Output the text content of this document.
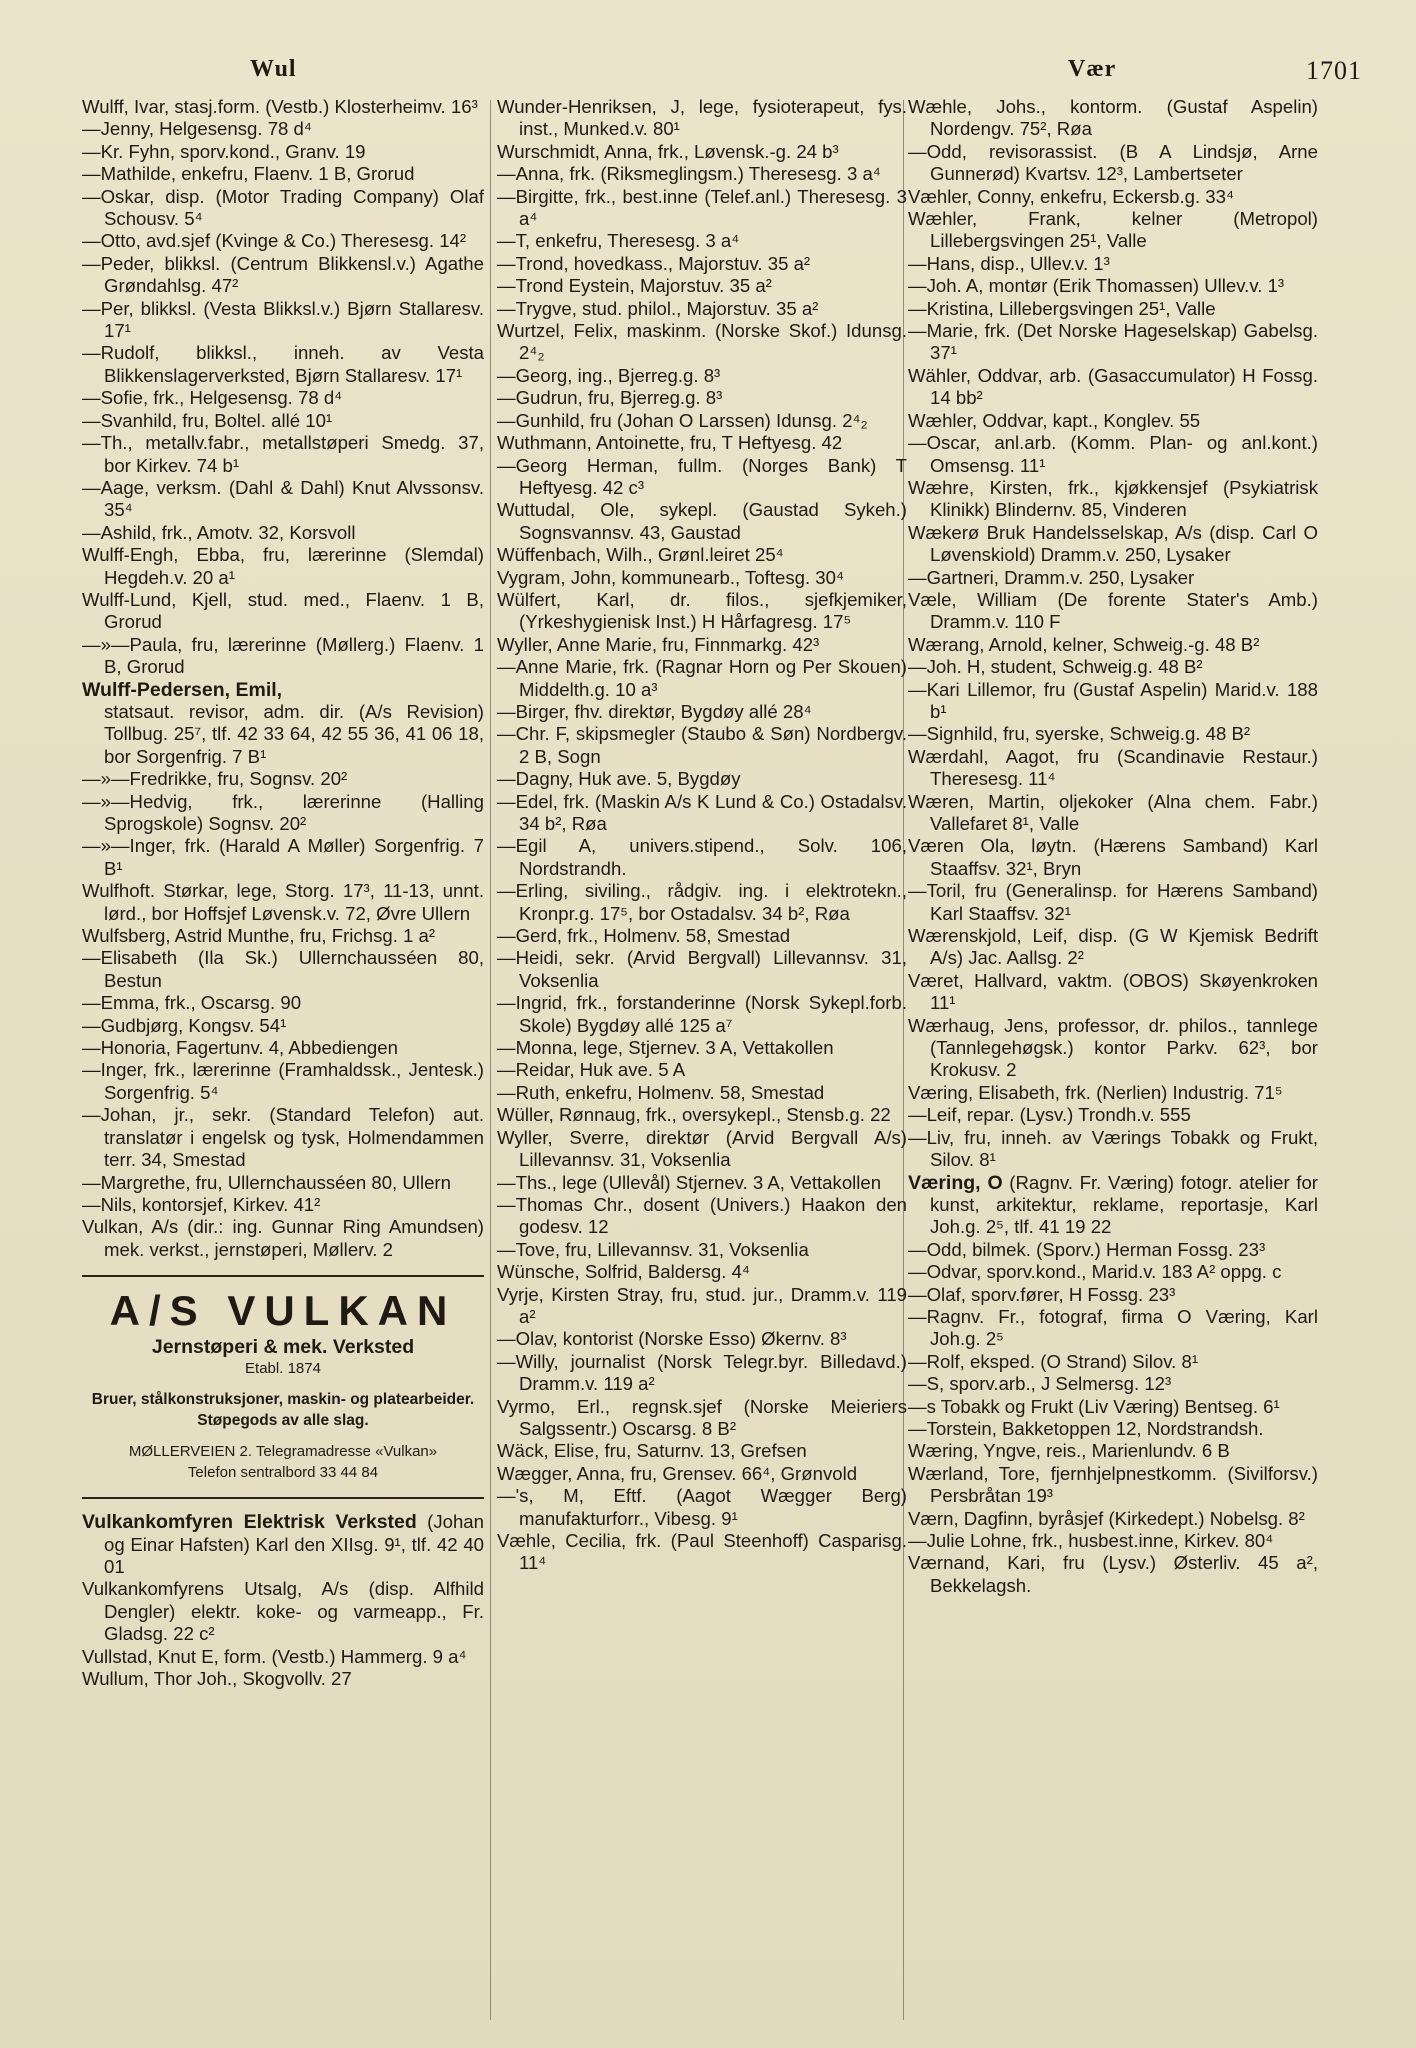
Wul	Vær	1701

Wulff, Ivar, stasj.form. (Vestb.) Klosterheimv. 16³

—Jenny, Helgesensg. 78 d⁴

—Kr. Fyhn, sporv.kond., Granv. 19

—Mathilde, enkefru, Flaenv. 1 B, Grorud

—Oskar, disp. (Motor Trading Company) Olaf Schousv. 5⁴

—Otto, avd.sjef (Kvinge & Co.) Theresesg. 14²

—Peder, blikksl. (Centrum Blikkensl.v.) Agathe Grøndahlsg. 47²

—Per, blikksl. (Vesta Blikksl.v.) Bjørn Stallaresv. 17¹

—Rudolf, blikksl., inneh. av Vesta Blikkenslagerverksted, Bjørn Stallaresv. 17¹

—Sofie, frk., Helgesensg. 78 d⁴

—Svanhild, fru, Boltel. allé 10¹

—Th., metallv.fabr., metallstøperi Smedg. 37, bor Kirkev. 74 b¹

—Aage, verksm. (Dahl & Dahl) Knut Alvssonsv. 35⁴

—Ashild, frk., Amotv. 32, Korsvoll

Wulff-Engh, Ebba, fru, lærerinne (Slemdal) Hegdeh.v. 20 a¹

Wulff-Lund, Kjell, stud. med., Flaenv. 1 B, Grorud

—»—Paula, fru, lærerinne (Møllerg.) Flaenv. 1 B, Grorud

Wulff-Pedersen, Emil,
statsaut. revisor, adm. dir. (A/s Revision) Tollbug. 25⁷, tlf. 42 33 64, 42 55 36, 41 06 18, bor Sorgenfrig. 7 B¹

—»—Fredrikke, fru, Sognsv. 20²

—»—Hedvig, frk., lærerinne (Halling Sprogskole) Sognsv. 20²

—»—Inger, frk. (Harald A Møller) Sorgenfrig. 7 B¹

Wulfhoft. Størkar, lege, Storg. 17³, 11-13, unnt. lørd., bor Hoffsjef Løvensk.v. 72, Øvre Ullern

Wulfsberg, Astrid Munthe, fru, Frichsg. 1 a²

—Elisabeth (Ila Sk.) Ullernchausséen 80, Bestun

—Emma, frk., Oscarsg. 90

—Gudbjørg, Kongsv. 54¹

—Honoria, Fagertunv. 4, Abbediengen

—Inger, frk., lærerinne (Framhaldssk., Jentesk.) Sorgenfrig. 5⁴

—Johan, jr., sekr. (Standard Telefon) aut. translatør i engelsk og tysk, Holmendammen terr. 34, Smestad

—Margrethe, fru, Ullernchausséen 80, Ullern

—Nils, kontorsjef, Kirkev. 41²

Vulkan, A/s (dir.: ing. Gunnar Ring Amundsen) mek. verkst., jernstøperi, Møllerv. 2

A/S VULKAN
Jernstøperi & mek. Verksted
Etabl. 1874
Bruer, stålkonstruksjoner, maskin- og platearbeider. Støpegods av alle slag.
MØLLERVEIEN 2. Telegramadresse «Vulkan»
Telefon sentralbord 33 44 84

Vulkankomfyren Elektrisk Verksted (Johan og Einar Hafsten) Karl den XIIsg. 9¹, tlf. 42 40 01

Vulkankomfyrens Utsalg, A/s (disp. Alfhild Dengler) elektr. koke- og varmeapp., Fr. Gladsg. 22 c²

Vullstad, Knut E, form. (Vestb.) Hammerg. 9 a⁴

Wullum, Thor Joh., Skogvollv. 27

Wunder-Henriksen, J, lege, fysioterapeut, fys. inst., Munked.v. 80¹

Wurschmidt, Anna, frk., Løvensk.-g. 24 b³

—Anna, frk. (Riksmeglingsm.) Theresesg. 3 a⁴

—Birgitte, frk., best.inne (Telef.anl.) Theresesg. 3 a⁴

—T, enkefru, Theresesg. 3 a⁴

—Trond, hovedkass., Majorstuv. 35 a²

—Trond Eystein, Majorstuv. 35 a²

—Trygve, stud. philol., Majorstuv. 35 a²

Wurtzel, Felix, maskinm. (Norske Skof.) Idunsg. 2⁴₂

—Georg, ing., Bjerreg.g. 8³

—Gudrun, fru, Bjerreg.g. 8³

—Gunhild, fru (Johan O Larssen) Idunsg. 2⁴₂

Wuthmann, Antoinette, fru, T Heftyesg. 42

—Georg Herman, fullm. (Norges Bank) T Heftyesg. 42 c³

Wuttudal, Ole, sykepl. (Gaustad Sykeh.) Sognsvannsv. 43, Gaustad

Wüffenbach, Wilh., Grønl.leiret 25⁴

Vygram, John, kommunearb., Toftesg. 30⁴

Wülfert, Karl, dr. filos., sjefkjemiker, (Yrkeshygienisk Inst.) H Hårfagresg. 17⁵

Wyller, Anne Marie, fru, Finnmarkg. 42³

—Anne Marie, frk. (Ragnar Horn og Per Skouen) Middelth.g. 10 a³

—Birger, fhv. direktør, Bygdøy allé 28⁴

—Chr. F, skipsmegler (Staubo & Søn) Nordbergv. 2 B, Sogn

—Dagny, Huk ave. 5, Bygdøy

—Edel, frk. (Maskin A/s K Lund & Co.) Ostadalsv. 34 b², Røa

—Egil A, univers.stipend., Solv. 106, Nordstrandh.

—Erling, siviling., rådgiv. ing. i elektrotekn., Kronpr.g. 17⁵, bor Ostadalsv. 34 b², Røa

—Gerd, frk., Holmenv. 58, Smestad

—Heidi, sekr. (Arvid Bergvall) Lillevannsv. 31, Voksenlia

—Ingrid, frk., forstanderinne (Norsk Sykepl.forb. Skole) Bygdøy allé 125 a⁷

—Monna, lege, Stjernev. 3 A, Vettakollen

—Reidar, Huk ave. 5 A

—Ruth, enkefru, Holmenv. 58, Smestad

Wüller, Rønnaug, frk., oversykepl., Stensb.g. 22

Wyller, Sverre, direktør (Arvid Bergvall A/s) Lillevannsv. 31, Voksenlia

—Ths., lege (Ullevål) Stjernev. 3 A, Vettakollen

—Thomas Chr., dosent (Univers.) Haakon den godesv. 12

—Tove, fru, Lillevannsv. 31, Voksenlia

Wünsche, Solfrid, Baldersg. 4⁴

Vyrje, Kirsten Stray, fru, stud. jur., Dramm.v. 119 a²

—Olav, kontorist (Norske Esso) Økernv. 8³

—Willy, journalist (Norsk Telegr.byr. Billedavd.) Dramm.v. 119 a²

Vyrmo, Erl., regnsk.sjef (Norske Meieriers Salgssentr.) Oscarsg. 8 B²

Wäck, Elise, fru, Saturnv. 13, Grefsen

Wægger, Anna, fru, Grensev. 66⁴, Grønvold

—'s, M, Eftf. (Aagot Wægger Berg) manufakturforr., Vibesg. 9¹

Væhle, Cecilia, frk. (Paul Steenhoff) Casparisg. 11⁴

Wæhle, Johs., kontorm. (Gustaf Aspelin) Nordengv. 75², Røa

—Odd, revisorassist. (B A Lindsjø, Arne Gunnerød) Kvartsv. 12³, Lambertseter

Væhler, Conny, enkefru, Eckersb.g. 33⁴

Wæhler, Frank, kelner (Metropol) Lillebergsvingen 25¹, Valle

—Hans, disp., Ullev.v. 1³

—Joh. A, montør (Erik Thomassen) Ullev.v. 1³

—Kristina, Lillebergsvingen 25¹, Valle

—Marie, frk. (Det Norske Hageselskap) Gabelsg. 37¹

Wähler, Oddvar, arb. (Gasaccumulator) H Fossg. 14 bb²

Wæhler, Oddvar, kapt., Konglev. 55

—Oscar, anl.arb. (Komm. Plan- og anl.kont.) Omsensg. 11¹

Wæhre, Kirsten, frk., kjøkkensjef (Psykiatrisk Klinikk) Blindernv. 85, Vinderen

Wækerø Bruk Handelsselskap, A/s (disp. Carl O Løvenskiold) Dramm.v. 250, Lysaker

—Gartneri, Dramm.v. 250, Lysaker

Væle, William (De forente Stater's Amb.) Dramm.v. 110 F

Wærang, Arnold, kelner, Schweig.-g. 48 B²

—Joh. H, student, Schweig.g. 48 B²

—Kari Lillemor, fru (Gustaf Aspelin) Marid.v. 188 b¹

—Signhild, fru, syerske, Schweig.g. 48 B²

Wærdahl, Aagot, fru (Scandinavie Restaur.) Theresesg. 11⁴

Wæren, Martin, oljekoker (Alna chem. Fabr.) Vallefaret 8¹, Valle

Væren Ola, løytn. (Hærens Samband) Karl Staaffsv. 32¹, Bryn

—Toril, fru (Generalinsp. for Hærens Samband) Karl Staaffsv. 32¹

Wærenskjold, Leif, disp. (G W Kjemisk Bedrift A/s) Jac. Aallsg. 2²

Været, Hallvard, vaktm. (OBOS) Skøyenkroken 11¹

Wærhaug, Jens, professor, dr. philos., tannlege (Tannlegehøgsk.) kontor Parkv. 62³, bor Krokusv. 2

Væring, Elisabeth, frk. (Nerlien) Industrig. 71⁵

—Leif, repar. (Lysv.) Trondh.v. 555

—Liv, fru, inneh. av Værings Tobakk og Frukt, Silov. 8¹

Væring, O (Ragnv. Fr. Væring) fotogr. atelier for kunst, arkitektur, reklame, reportasje, Karl Joh.g. 2⁵, tlf. 41 19 22

—Odd, bilmek. (Sporv.) Herman Fossg. 23³

—Odvar, sporv.kond., Marid.v. 183 A² oppg. c

—Olaf, sporv.fører, H Fossg. 23³

—Ragnv. Fr., fotograf, firma O Væring, Karl Joh.g. 2⁵

—Rolf, eksped. (O Strand) Silov. 8¹

—S, sporv.arb., J Selmersg. 12³

—s Tobakk og Frukt (Liv Væring) Bentseg. 6¹

—Torstein, Bakketoppen 12, Nordstrandsh.

Wæring, Yngve, reis., Marienlundv. 6 B

Wærland, Tore, fjernhjelpnestkomm. (Sivilforsv.) Persbråtan 19³

Værn, Dagfinn, byråsjef (Kirkedept.) Nobelsg. 8²

—Julie Lohne, frk., husbest.inne, Kirkev. 80⁴

Værnand, Kari, fru (Lysv.) Østerliv. 45 a², Bekkelagsh.
